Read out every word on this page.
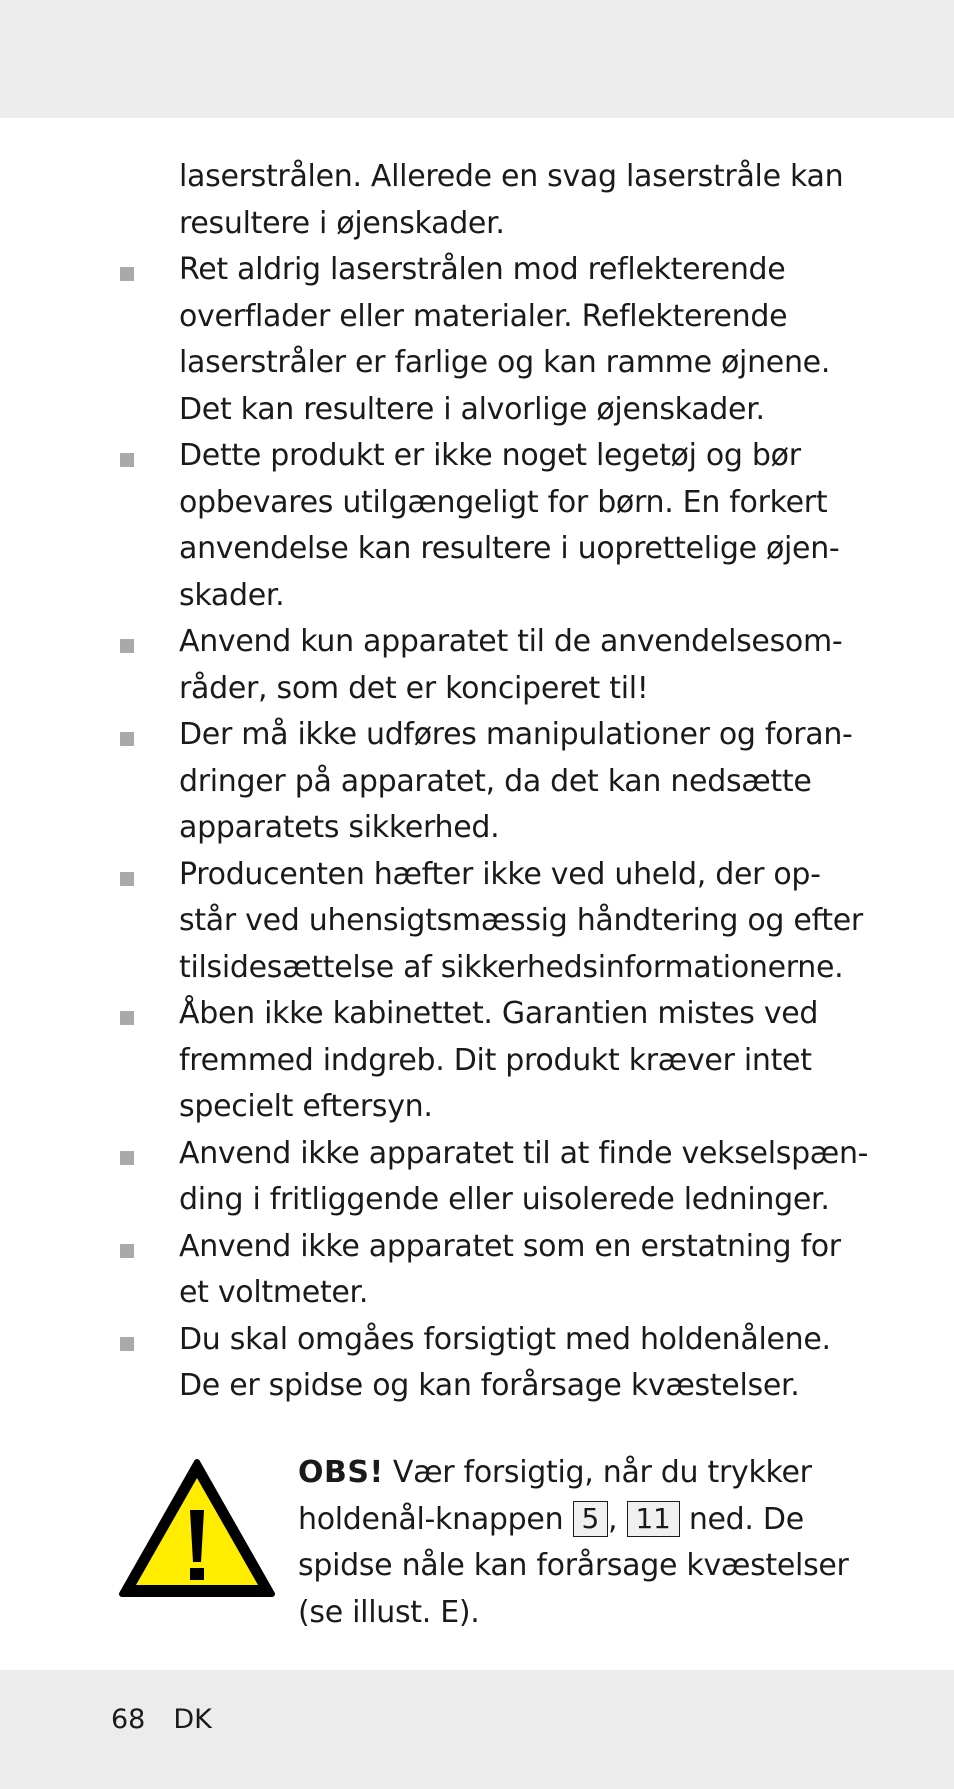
laserstrålen. Allerede en svag laserstråle kan
resultere i øjenskader.
Ret aldrig laserstrålen mod reflekterende
overflader eller materialer. Reflekterende
laserstråler er farlige og kan ramme øjnene.
Det kan resultere i alvorlige øjenskader.
Dette produkt er ikke noget legetøj og bør
opbevares utilgængeligt for børn. En forkert
anvendelse kan resultere i uoprettelige øjen-
skader.
Anvend kun apparatet til de anvendelsesom-
råder, som det er konciperet til!
Der må ikke udføres manipulationer og foran-
dringer på apparatet, da det kan nedsætte
apparatets sikkerhed.
Producenten hæfter ikke ved uheld, der op-
står ved uhensigtsmæssig håndtering og efter
tilsidesættelse af sikkerhedsinformationerne.
Åben ikke kabinettet. Garantien mistes ved
fremmed indgreb. Dit produkt kræver intet
specielt eftersyn.
Anvend ikke apparatet til at finde vekselspæn-
ding i fritliggende eller uisolerede ledninger.
Anvend ikke apparatet som en erstatning for
et voltmeter.
Du skal omgåes forsigtigt med holdenålene.
De er spidse og kan forårsage kvæstelser.
OBS! Vær forsigtig, når du trykker
holdenål-knappen 5 , 11 ned. De
spidse nåle kan forårsage kvæstelser
(se illust. E).
68 DK
